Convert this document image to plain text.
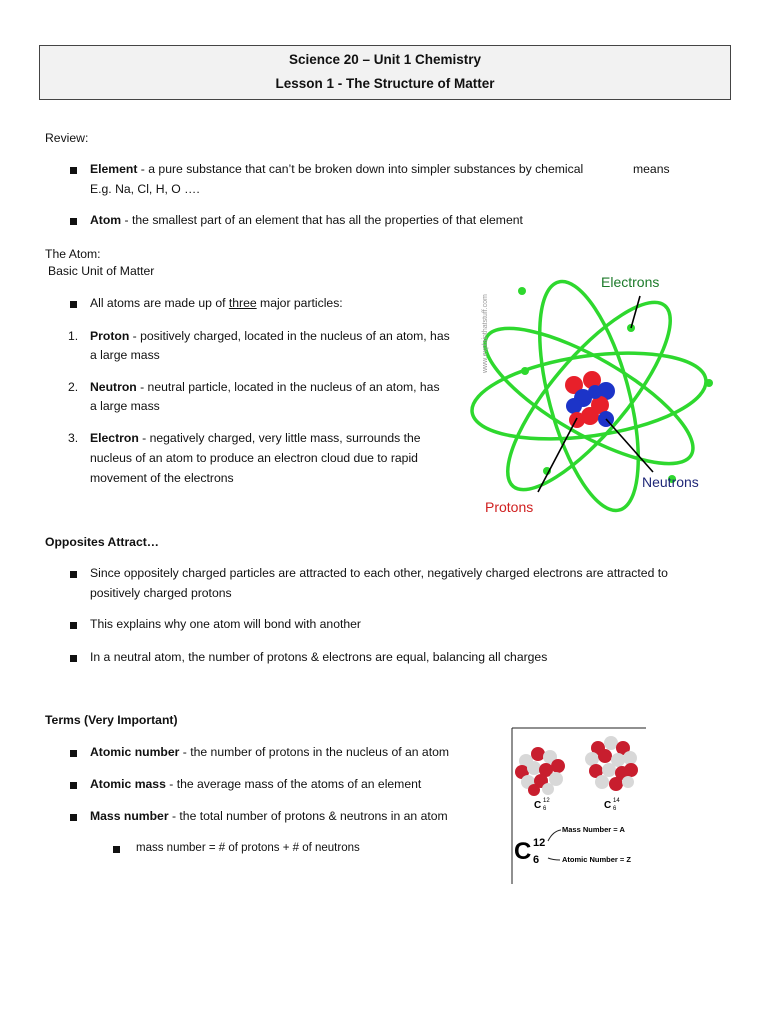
Science 20 – Unit 1 Chemistry
Lesson 1 - The Structure of Matter
Review:
Element - a pure substance that can’t be broken down into simpler substances by chemical	means
E.g. Na, Cl, H, O ….
Atom - the smallest part of an element that has all the properties of that element
The Atom:
Basic Unit of Matter
All atoms are made up of three major particles:
1. Proton - positively charged, located in the nucleus of an atom, has
a large mass
2. Neutron - neutral particle, located in the nucleus of an atom, has
a large mass
3. Electron - negatively charged, very little mass, surrounds the
nucleus of an atom to produce an electron cloud due to rapid
movement of the electrons
Electrons
Neutrons
Protons
www.explainthatstuff.com
Opposites Attract…
Since oppositely charged particles are attracted to each other, negatively charged electrons are attracted to
positively charged protons
This explains why one atom will bond with another
In a neutral atom, the number of protons & electrons are equal, balancing all charges
Terms (Very Important)
Atomic number - the number of protons in the nucleus of an atom
Atomic mass - the average mass of the atoms of an element
Mass number - the total number of protons & neutrons in an atom
mass number = # of protons + # of neutrons
C 12
6	C 14
6
C 12
6
Mass Number = A
Atomic Number = Z
